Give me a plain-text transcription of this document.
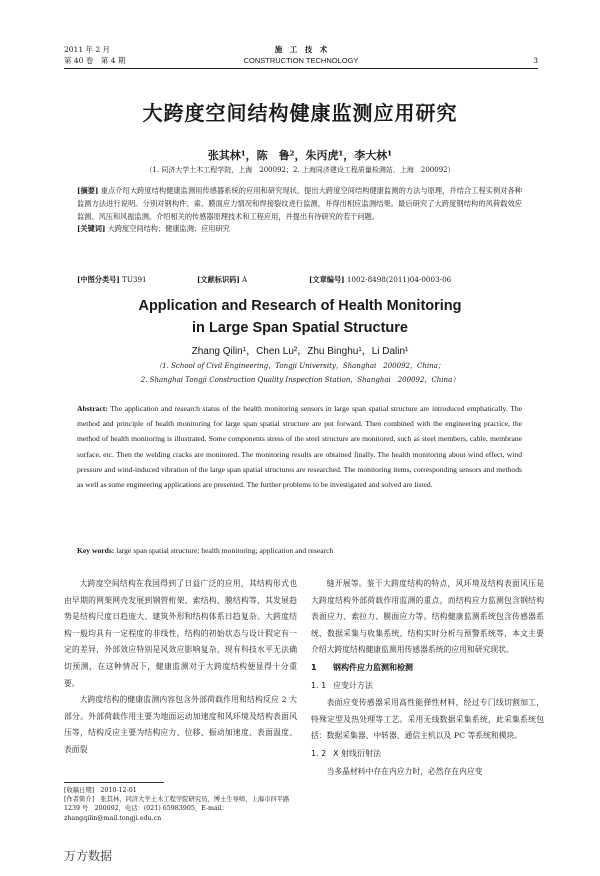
2011 年 2 月
第 40 卷　第 4 期
施　工　技　术
CONSTRUCTION TECHNOLOGY	3
大跨度空间结构健康监测应用研究
张其林¹，陈　鲁²，朱丙虎¹，李大林¹
（1. 同济大学土木工程学院，上海　200092；2. 上海同济建设工程质量检测站，上海　200092）
[摘要] 重点介绍大跨度结构健康监测用传感器系统的应用和研究现状。提出大跨度空间结构健康监测的方法与原理，并结合工程实例对各种监测方法进行说明。分别对钢构件、索、膜面应力情况和焊接裂纹进行监测，并得出相应监测结果。最后研究了大跨度钢结构的风荷载效应监测、风压和风振监测。介绍相关的传感器原理技术和工程应用，并提出有待研究的若干问题。
[关键词] 大跨度空间结构；健康监测；应用研究
[中图分类号] TU391	[文献标识码] A	[文章编号] 1002-8498(2011)04-0003-06
Application and Research of Health Monitoring
in Large Span Spatial Structure
Zhang Qilin¹，Chen Lu²，Zhu Binghu¹，Li Dalin¹
（1. School of Civil Engineering，Tongji University，Shanghai　200092，China；
2. Shanghai Tongji Construction Quality Inspection Station，Shanghai　200092，China）
Abstract: The application and research status of the health monitoring sensors in large span spatial structure are introduced emphatically. The method and principle of health monitoring for large span spatial structure are put forward. Then combined with the engineering practice, the method of health monitoring is illustrated. Some components stress of the steel structure are monitored, such as steel members, cable, membrane surface, etc. Then the welding cracks are monitored. The monitoring results are obtained finally. The health monitoring about wind effect, wind pressure and wind-induced vibration of the large span spatial structures are researched. The monitoring items, corresponding sensors and methods as well as some engineering applications are presented. The further problems to be investigated and solved are listed.
Key words: large span spatial structure; health monitoring; application and research

大跨度空间结构在我国得到了日益广泛的应用，其结构形式也由早期的网架网壳发展到钢管桁架、索结构、膜结构等，其发展趋势是结构尺度日趋庞大、建筑外形和结构体系日趋复杂。大跨度结构一般均具有一定程度的非线性，结构的初始状态与设计假定有一定的差异，外部效应特别是风效应影响复杂，现有科技水平无法确切预测，在这种情况下，健康监测对于大跨度结构便显得十分重要。

大跨度结构的健康监测内容包含外部荷载作用和结构反应 2 大部分。外部荷载作用主要为地面运动加速度和风环境及结构表面风压等，结构反应主要为结构应力、位移、振动加速度、表面温度、表面裂

缝开展等。鉴于大跨度结构的特点，风环境及结构表面风压是大跨度结构外部荷载作用监测的重点，而结构应力监测包含钢结构表面应力、索拉力、膜面应力等。结构健康监测系统包含传感器系统、数据采集与收集系统、结构实时分析与预警系统等，本文主要介绍大跨度结构健康监测用传感器系统的应用和研究现状。

1 钢构件应力监测和检测
1. 1 应变计方法

表面应变传感器采用高性能弹性材料，经过专门线切割加工，特殊定型及热处理等工艺。采用无线数据采集系统，此采集系统包括：数据采集器、中转器、通信主机以及 PC 等系统和模块。

1. 2 X 射线衍射法

当多晶材料中存在内应力时，必然存在内应变

[收稿日期]　2010-12-01
[作者简介]　张其林，同济大学土木工程学院研究员，博士生导师，上海市四平路 1239 号　200092，电话：(021) 65983905，E-mail：zhangqilin@mail.tongji.edu.cn
万方数据
